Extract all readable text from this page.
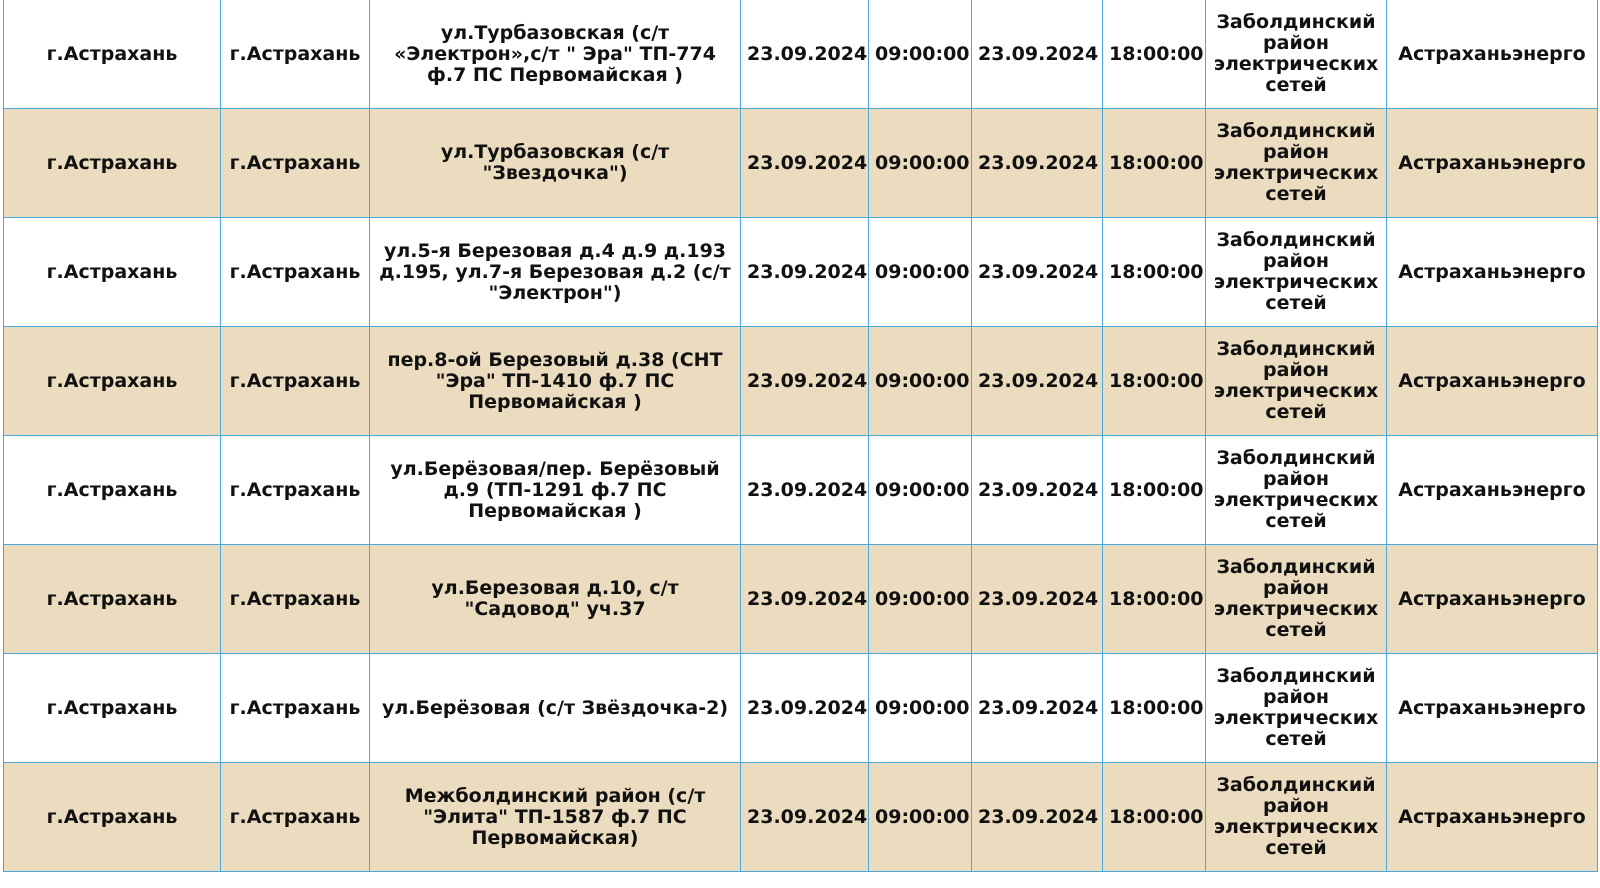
г.Астрахань	г.Астрахань	ул.Турбазовская (с/т «Электрон»,с/т " Эра" ТП-774 ф.7 ПС Первомайская )	23.09.2024	09:00:00	23.09.2024	18:00:00	Заболдинский район электрических сетей	Астраханьэнерго
г.Астрахань	г.Астрахань	ул.Турбазовская (с/т "Звездочка")	23.09.2024	09:00:00	23.09.2024	18:00:00	Заболдинский район электрических сетей	Астраханьэнерго
г.Астрахань	г.Астрахань	ул.5-я Березовая д.4 д.9 д.193 д.195, ул.7-я Березовая д.2 (с/т "Электрон")	23.09.2024	09:00:00	23.09.2024	18:00:00	Заболдинский район электрических сетей	Астраханьэнерго
г.Астрахань	г.Астрахань	пер.8-ой Березовый д.38 (СНТ "Эра" ТП-1410 ф.7 ПС Первомайская )	23.09.2024	09:00:00	23.09.2024	18:00:00	Заболдинский район электрических сетей	Астраханьэнерго
г.Астрахань	г.Астрахань	ул.Берёзовая/пер. Берёзовый д.9 (ТП-1291 ф.7 ПС Первомайская )	23.09.2024	09:00:00	23.09.2024	18:00:00	Заболдинский район электрических сетей	Астраханьэнерго
г.Астрахань	г.Астрахань	ул.Березовая д.10, с/т "Садовод" уч.37	23.09.2024	09:00:00	23.09.2024	18:00:00	Заболдинский район электрических сетей	Астраханьэнерго
г.Астрахань	г.Астрахань	ул.Берёзовая (с/т Звёздочка-2)	23.09.2024	09:00:00	23.09.2024	18:00:00	Заболдинский район электрических сетей	Астраханьэнерго
г.Астрахань	г.Астрахань	Межболдинский район (с/т "Элита" ТП-1587 ф.7 ПС Первомайская)	23.09.2024	09:00:00	23.09.2024	18:00:00	Заболдинский район электрических сетей	Астраханьэнерго
